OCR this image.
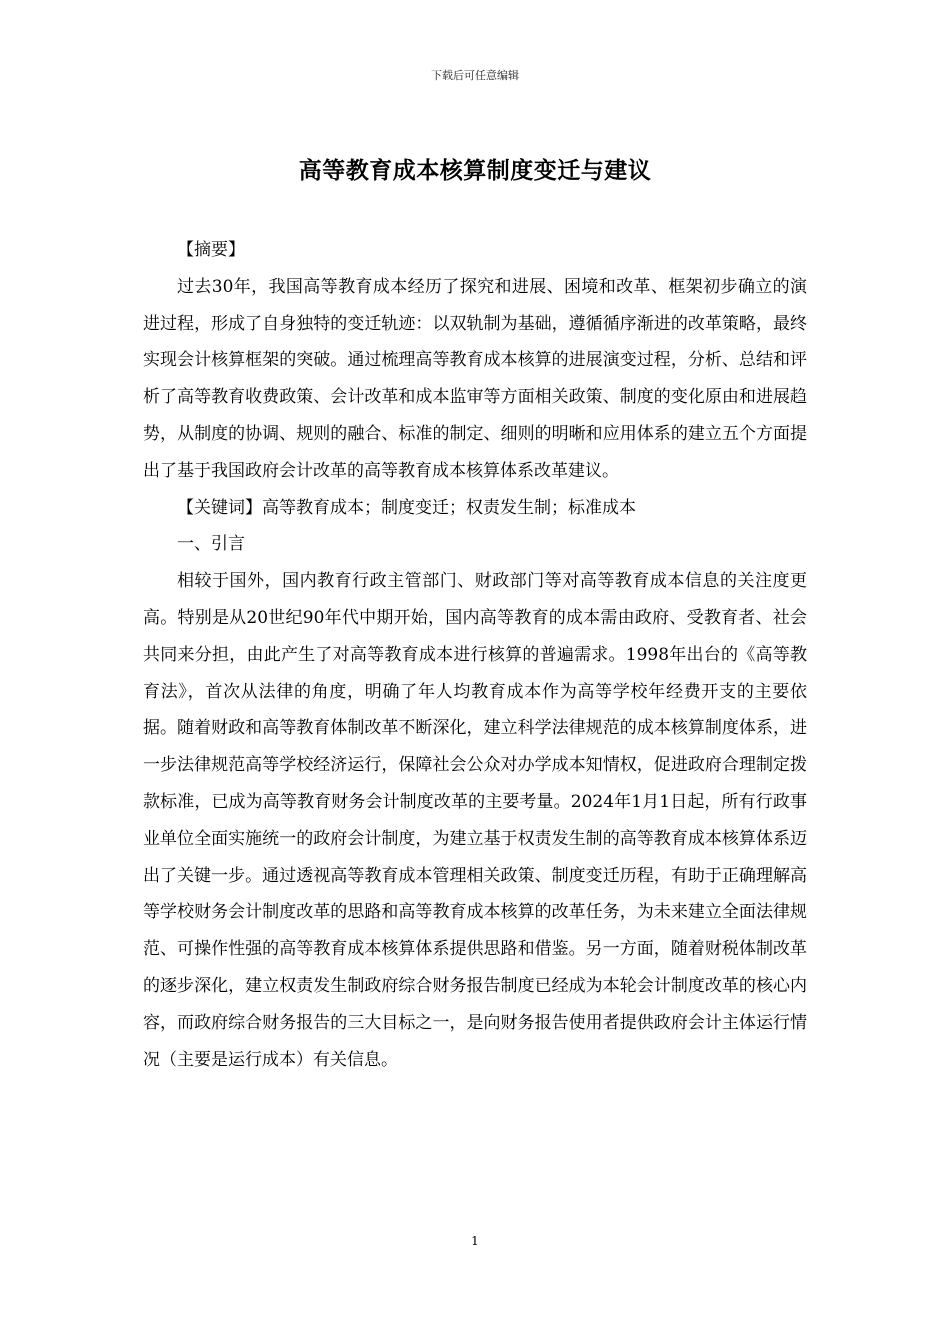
下载后可任意编辑
高等教育成本核算制度变迁与建议

【摘要】

过去30年，我国高等教育成本经历了探究和进展、困境和改革、框架初步确立的演进过程，形成了自身独特的变迁轨迹：以双轨制为基础，遵循循序渐进的改革策略，最终实现会计核算框架的突破。通过梳理高等教育成本核算的进展演变过程，分析、总结和评析了高等教育收费政策、会计改革和成本监审等方面相关政策、制度的变化原由和进展趋势，从制度的协调、规则的融合、标准的制定、细则的明晰和应用体系的建立五个方面提出了基于我国政府会计改革的高等教育成本核算体系改革建议。

【关键词】高等教育成本；制度变迁；权责发生制；标准成本

一、引言

相较于国外，国内教育行政主管部门、财政部门等对高等教育成本信息的关注度更高。特别是从20世纪90年代中期开始，国内高等教育的成本需由政府、受教育者、社会共同来分担，由此产生了对高等教育成本进行核算的普遍需求。1998年出台的《高等教育法》，首次从法律的角度，明确了年人均教育成本作为高等学校年经费开支的主要依据。随着财政和高等教育体制改革不断深化，建立科学法律规范的成本核算制度体系，进一步法律规范高等学校经济运行，保障社会公众对办学成本知情权，促进政府合理制定拨款标准，已成为高等教育财务会计制度改革的主要考量。2024年1月1日起，所有行政事业单位全面实施统一的政府会计制度，为建立基于权责发生制的高等教育成本核算体系迈出了关键一步。通过透视高等教育成本管理相关政策、制度变迁历程，有助于正确理解高等学校财务会计制度改革的思路和高等教育成本核算的改革任务，为未来建立全面法律规范、可操作性强的高等教育成本核算体系提供思路和借鉴。另一方面，随着财税体制改革的逐步深化，建立权责发生制政府综合财务报告制度已经成为本轮会计制度改革的核心内容，而政府综合财务报告的三大目标之一，是向财务报告使用者提供政府会计主体运行情况（主要是运行成本）有关信息。

1
